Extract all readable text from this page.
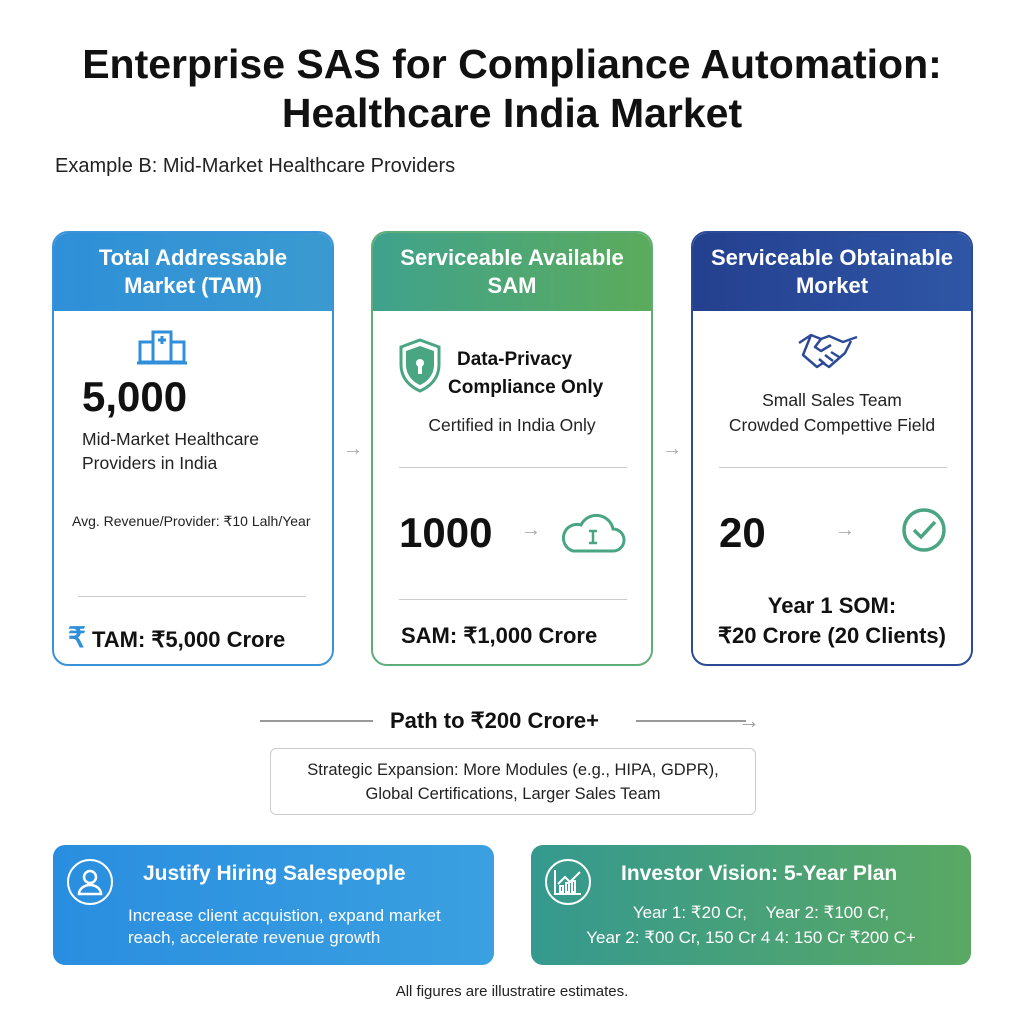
Enterprise SAS for Compliance Automation: Healthcare India Market
Example B: Mid-Market Healthcare Providers
Total Addressable Market (TAM)
5,000
Mid-Market Healthcare
Providers in India
Avg. Revenue/Provider: ₹10 Lalh/Year
₹ TAM: ₹5,000 Crore
→
Serviceable Available SAM
Data-Privacy
Compliance Only
Certified in India Only
1000 →
SAM: ₹1,000 Crore
→
Serviceable Obtainable Morket
Small Sales Team
Crowded Compettive Field
20	→
Year 1 SOM:
₹20 Crore (20 Clients)
Path to ₹200 Crore+	→
Strategic Expansion: More Modules (e.g., HIPA, GDPR),
Global Certifications, Larger Sales Team
Justify Hiring Salespeople
Increase client acquistion, expand market
reach, accelerate revenue growth
Investor Vision: 5-Year Plan
Year 1: ₹20 Cr,    Year 2: ₹100 Cr,
Year 2: ₹00 Cr, 150 Cr 4 4: 150 Cr ₹200 C+
All figures are illustratire estimates.
